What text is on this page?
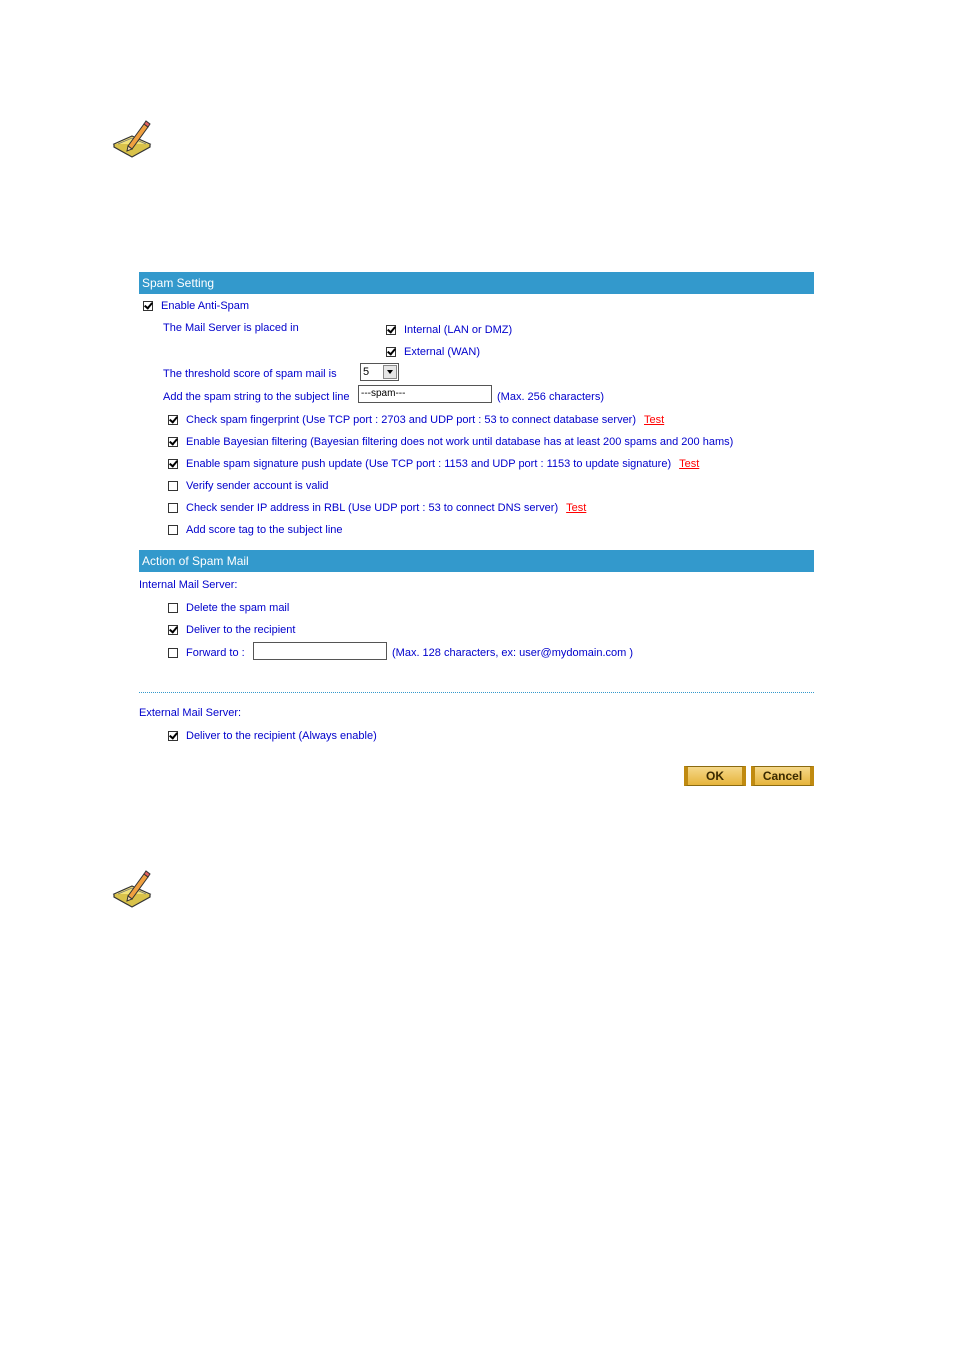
Spam Setting
Enable Anti-Spam
The Mail Server is placed in	Internal (LAN or DMZ)
External (WAN)
The threshold score of spam mail is 5
Add the spam string to the subject line	---spam---	(Max. 256 characters)
Check spam fingerprint (Use TCP port : 2703 and UDP port : 53 to connect database server) Test
Enable Bayesian filtering (Bayesian filtering does not work until database has at least 200 spams and 200 hams)
Enable spam signature push update (Use TCP port : 1153 and UDP port : 1153 to update signature) Test
Verify sender account is valid
Check sender IP address in RBL (Use UDP port : 53 to connect DNS server) Test
Add score tag to the subject line
Action of Spam Mail
Internal Mail Server:
Delete the spam mail
Deliver to the recipient
Forward to :	(Max. 128 characters, ex: user@mydomain.com )
External Mail Server:
Deliver to the recipient (Always enable)
OK	Cancel
